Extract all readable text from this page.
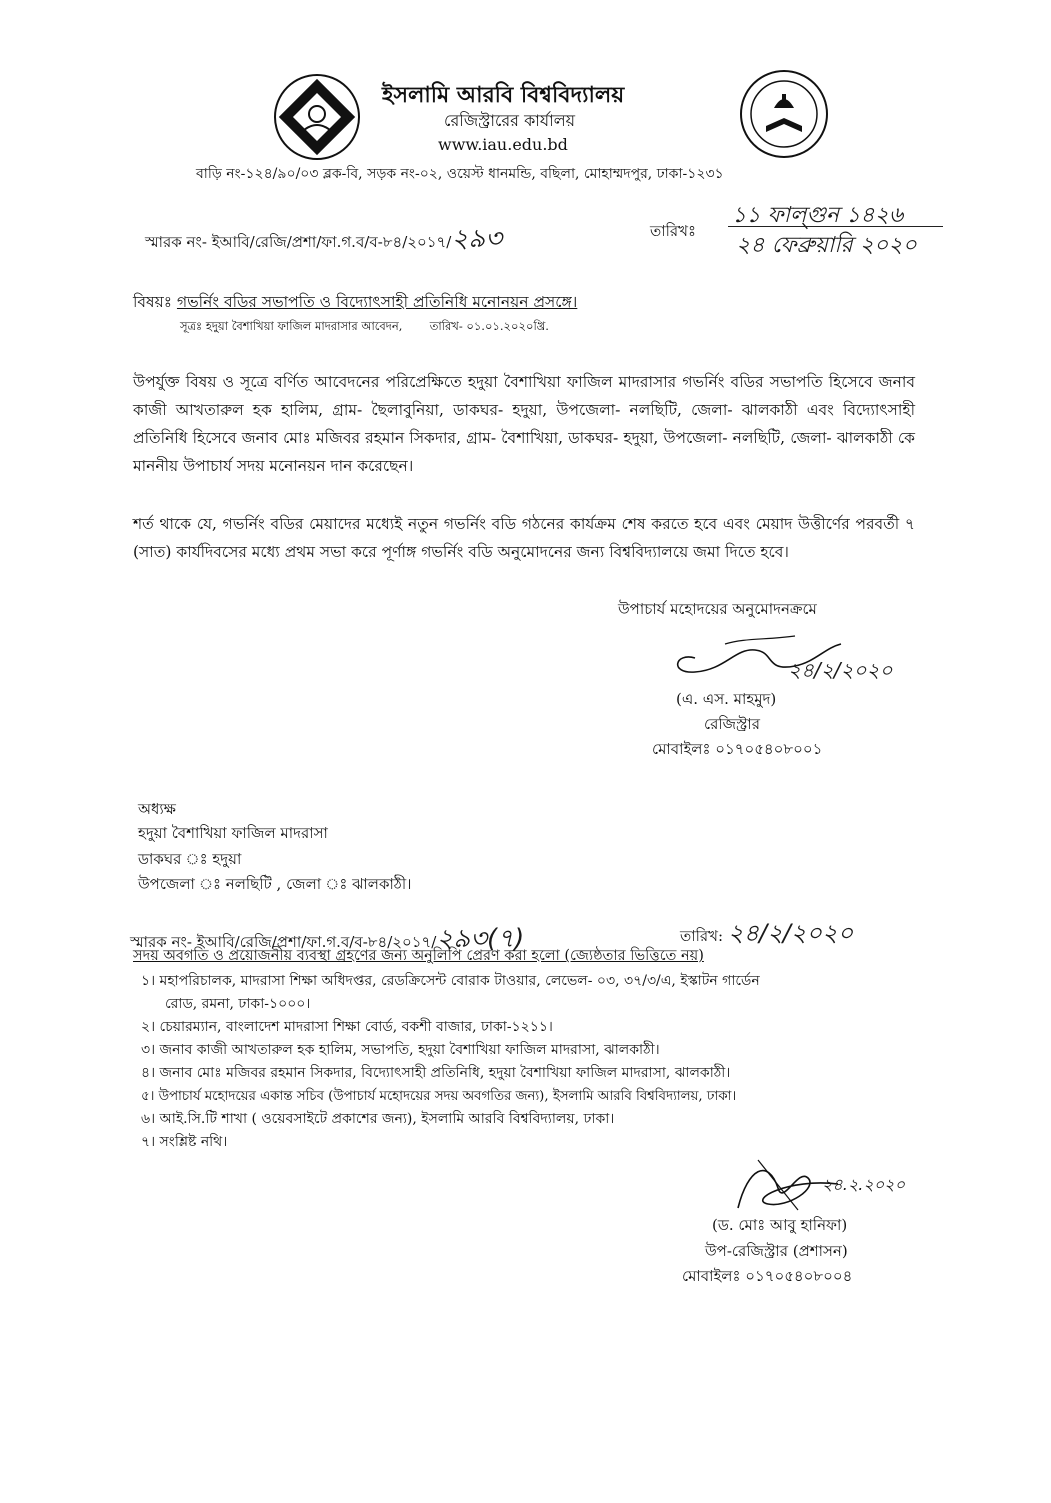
ইসলামি আরবি বিশ্ববিদ্যালয়
রেজিস্ট্রারের কার্যালয়
www.iau.edu.bd
বাড়ি নং-১২৪/৯০/০৩ ব্লক-বি, সড়ক নং-০২, ওয়েস্ট ধানমন্ডি, বছিলা, মোহাম্মদপুর, ঢাকা-১২৩১
স্মারক নং- ইআবি/রেজি/প্রশা/ফা.গ.ব/ব-৮৪/২০১৭/২৯৩	তারিখঃ
১১ ফাল্গুন ১৪২৬
২৪ ফেব্রুয়ারি ২০২০
বিষয়ঃ গভর্নিং বডির সভাপতি ও বিদ্যোৎসাহী প্রতিনিধি মনোনয়ন প্রসঙ্গে।
সূত্রঃ হদুয়া বৈশাখিয়া ফাজিল মাদরাসার আবেদন, তারিখ- ০১.০১.২০২০খ্রি.
উপর্যুক্ত বিষয় ও সূত্রে বর্ণিত আবেদনের পরিপ্রেক্ষিতে হদুয়া বৈশাখিয়া ফাজিল মাদরাসার গভর্নিং বডির সভাপতি হিসেবে জনাব কাজী আখতারুল হক হালিম, গ্রাম- ছৈলাবুনিয়া, ডাকঘর- হদুয়া, উপজেলা- নলছিটি, জেলা- ঝালকাঠী এবং বিদ্যোৎসাহী প্রতিনিধি হিসেবে জনাব মোঃ মজিবর রহমান সিকদার, গ্রাম- বৈশাখিয়া, ডাকঘর- হদুয়া, উপজেলা- নলছিটি, জেলা- ঝালকাঠী কে মাননীয় উপাচার্য সদয় মনোনয়ন দান করেছেন।
শর্ত থাকে যে, গভর্নিং বডির মেয়াদের মধ্যেই নতুন গভর্নিং বডি গঠনের কার্যক্রম শেষ করতে হবে এবং মেয়াদ উত্তীর্ণের পরবর্তী ৭ (সাত) কার্যদিবসের মধ্যে প্রথম সভা করে পূর্ণাঙ্গ গভর্নিং বডি অনুমোদনের জন্য বিশ্ববিদ্যালয়ে জমা দিতে হবে।
উপাচার্য মহোদয়ের অনুমোদনক্রমে
২৪/২/২০২০
(এ. এস. মাহমুদ)
রেজিস্ট্রার
মোবাইলঃ ০১৭০৫৪০৮০০১
অধ্যক্ষ
হদুয়া বৈশাখিয়া ফাজিল মাদরাসা
ডাকঘর ঃ হদুয়া
উপজেলা ঃ নলছিটি , জেলা ঃ ঝালকাঠী।
স্মারক নং- ইআবি/রেজি/প্রশা/ফা.গ.ব/ব-৮৪/২০১৭/২৯৩(৭)	তারিখ: ২৪/২/২০২০
সদয় অবগতি ও প্রয়োজনীয় ব্যবস্থা গ্রহণের জন্য অনুলিপি প্রেরণ করা হলো (জ্যেষ্ঠতার ভিত্তিতে নয়)
১। মহাপরিচালক, মাদরাসা শিক্ষা অধিদপ্তর, রেডক্রিসেন্ট বোরাক টাওয়ার, লেভেল- ০৩, ৩৭/৩/এ, ইস্কাটন গার্ডেন
রোড, রমনা, ঢাকা-১০০০।
২। চেয়ারম্যান, বাংলাদেশ মাদরাসা শিক্ষা বোর্ড, বকশী বাজার, ঢাকা-১২১১।
৩। জনাব কাজী আখতারুল হক হালিম, সভাপতি, হদুয়া বৈশাখিয়া ফাজিল মাদরাসা, ঝালকাঠী।
৪। জনাব মোঃ মজিবর রহমান সিকদার, বিদ্যোৎসাহী প্রতিনিধি, হদুয়া বৈশাখিয়া ফাজিল মাদরাসা, ঝালকাঠী।
৫। উপাচার্য মহোদয়ের একান্ত সচিব (উপাচার্য মহোদয়ের সদয় অবগতির জন্য), ইসলামি আরবি বিশ্ববিদ্যালয়, ঢাকা।
৬। আই.সি.টি শাখা ( ওয়েবসাইটে প্রকাশের জন্য), ইসলামি আরবি বিশ্ববিদ্যালয়, ঢাকা।
৭। সংশ্লিষ্ট নথি।
২৪.২.২০২০
(ড. মোঃ আবু হানিফা)
উপ-রেজিস্ট্রার (প্রশাসন)
মোবাইলঃ ০১৭০৫৪০৮০০৪
